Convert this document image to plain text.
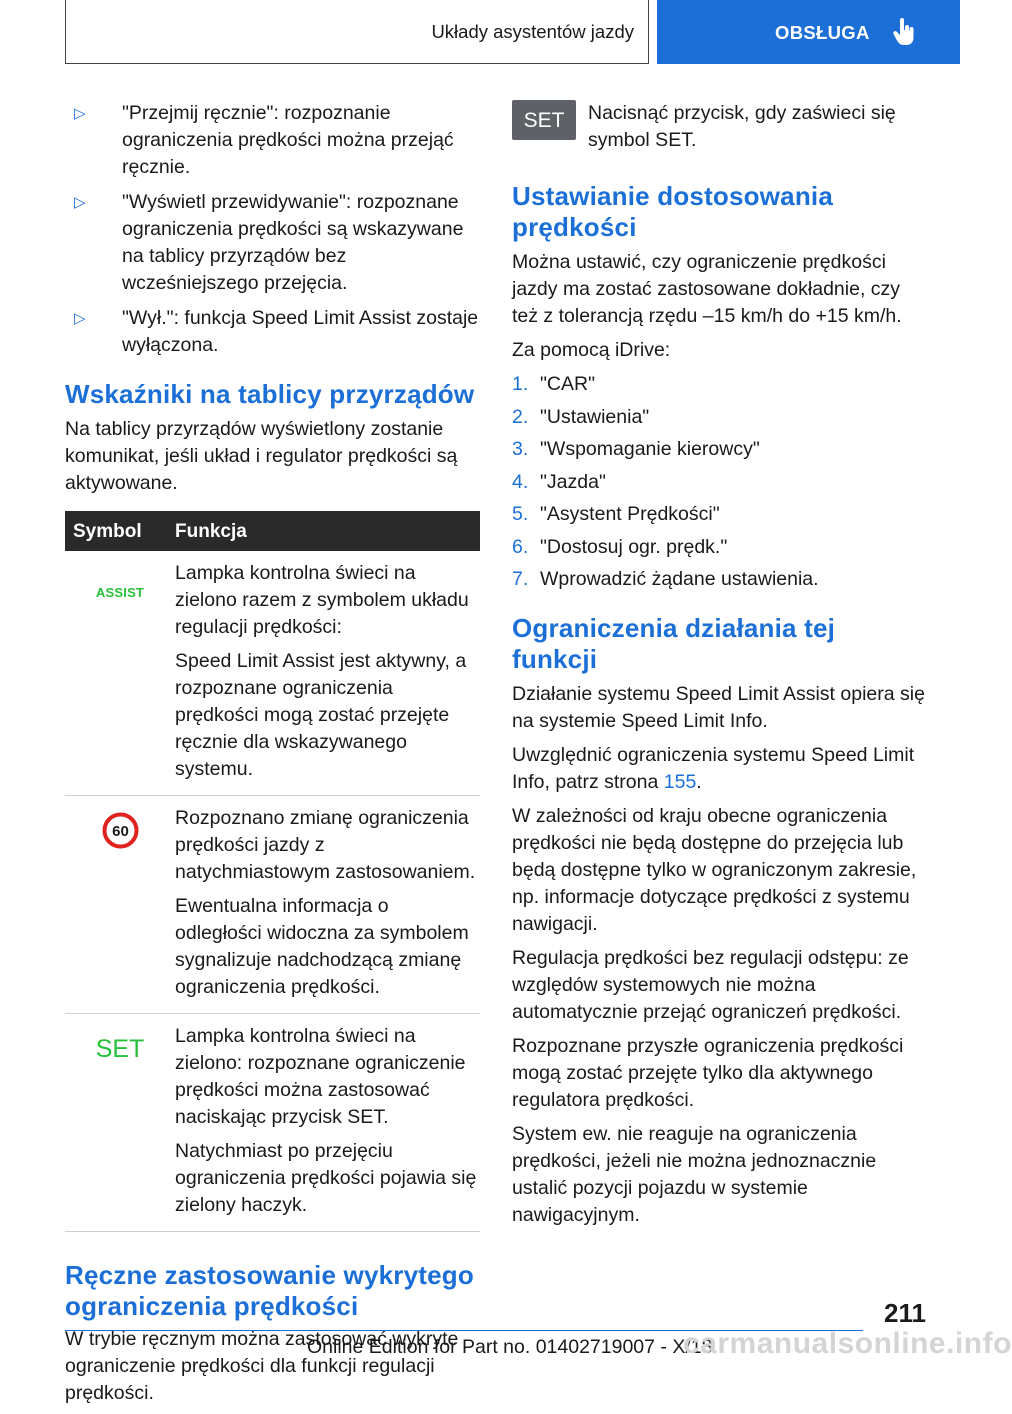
Układy asystentów jazdy	OBSŁUGA
▷	"Przejmij ręcznie": rozpoznanie ograniczenia prędkości można przejąć ręcznie.
▷	"Wyświetl przewidywanie": rozpoznane ograniczenia prędkości są wskazywane na tablicy przyrządów bez wcześniejszego przejęcia.
▷	"Wył.": funkcja Speed Limit Assist zostaje wyłączona.
Wskaźniki na tablicy przyrządów

Na tablicy przyrządów wyświetlony zostanie komunikat, jeśli układ i regulator prędkości są aktywowane.

Symbol	Funkcja
ASSIST	Lampka kontrolna świeci na zielono razem z symbolem układu regulacji prędkości:

Speed Limit Assist jest aktywny, a rozpoznane ograniczenia prędkości mogą zostać przejęte ręcznie dla wskazywanego systemu.

60	Rozpoznano zmianę ograniczenia prędkości jazdy z natychmiastowym zastosowaniem.

Ewentualna informacja o odległości widoczna za symbolem sygnalizuje nadchodzącą zmianę ograniczenia prędkości.

SET	Lampka kontrolna świeci na zielono: rozpoznane ograniczenie prędkości można zastosować naciskając przycisk SET.

Natychmiast po przejęciu ograniczenia prędkości pojawia się zielony haczyk.

Ręczne zastosowanie wykrytego ograniczenia prędkości

W trybie ręcznym można zastosować wykryte ograniczenie prędkości dla funkcji regulacji prędkości.

SET Nacisnąć przycisk, gdy zaświeci się symbol SET.
Ustawianie dostosowania prędkości

Można ustawić, czy ograniczenie prędkości jazdy ma zostać zastosowane dokładnie, czy też z tolerancją rzędu –15 km/h do +15 km/h.

Za pomocą iDrive:

1. "CAR"
2. "Ustawienia"
3. "Wspomaganie kierowcy"
4. "Jazda"
5. "Asystent Prędkości"
6. "Dostosuj ogr. prędk."
7. Wprowadzić żądane ustawienia.
Ograniczenia działania tej funkcji

Działanie systemu Speed Limit Assist opiera się na systemie Speed Limit Info.

Uwzględnić ograniczenia systemu Speed Limit Info, patrz strona 155.

W zależności od kraju obecne ograniczenia prędkości nie będą dostępne do przejęcia lub będą dostępne tylko w ograniczonym zakresie, np. informacje dotyczące prędkości z systemu nawigacji.

Regulacja prędkości bez regulacji odstępu: ze względów systemowych nie można automatycznie przejąć ograniczeń prędkości.

Rozpoznane przyszłe ograniczenia prędkości mogą zostać przejęte tylko dla aktywnego regulatora prędkości.

System ew. nie reaguje na ograniczenia prędkości, jeżeli nie można jednoznacznie ustalić pozycji pojazdu w systemie nawigacyjnym.

211
Online Edition for Part no. 01402719007 - X/18
carmanualsonline.info
